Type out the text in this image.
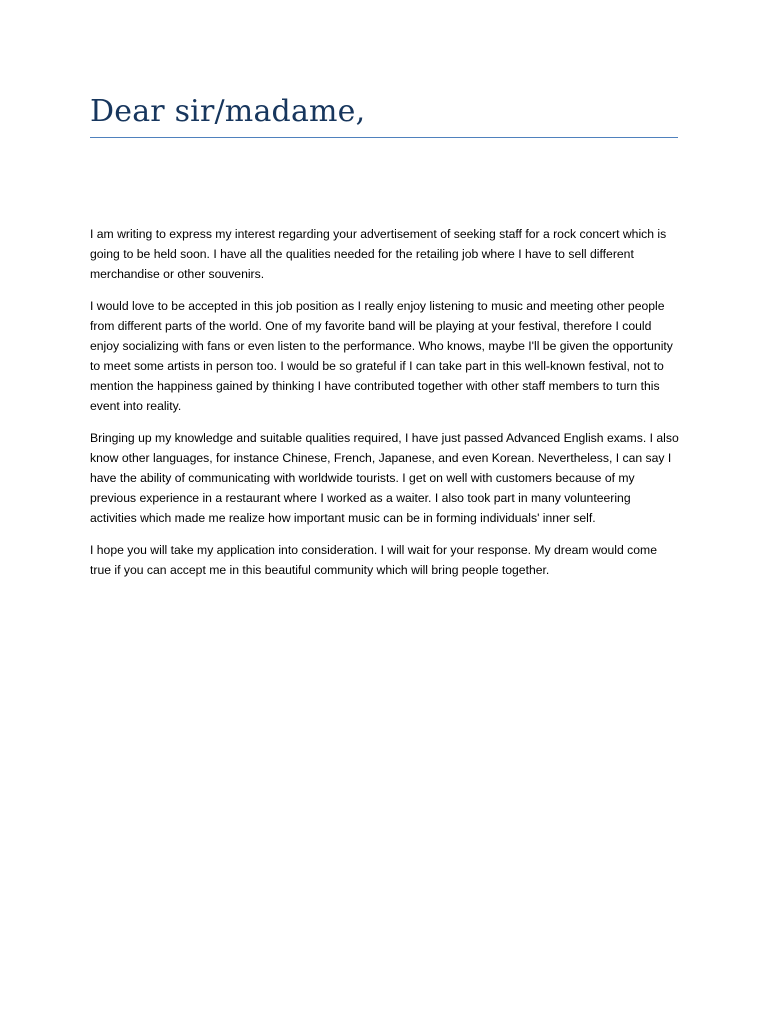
Dear sir/madame,

I am writing to express my interest regarding your advertisement of seeking staff for a rock concert which is going to be held soon. I have all the qualities needed for the retailing job where I have to sell different merchandise or other souvenirs.

I would love to be accepted in this job position as I really enjoy listening to music and meeting other people from different parts of the world. One of my favorite band will be playing at your festival, therefore I could enjoy socializing with fans or even listen to the performance. Who knows, maybe I'll be given the opportunity to meet some artists in person too. I would be so grateful if I can take part in this well-known festival, not to mention the happiness gained by thinking I have contributed together with other staff members to turn this event into reality.

Bringing up my knowledge and suitable qualities required, I have just passed Advanced English exams. I also know other languages, for instance Chinese, French, Japanese, and even Korean. Nevertheless, I can say I have the ability of communicating with worldwide tourists. I get on well with customers because of my previous experience in a restaurant where I worked as a waiter. I also took part in many volunteering activities which made me realize how important music can be in forming individuals' inner self.

I hope you will take my application into consideration. I will wait for your response. My dream would come true if you can accept me in this beautiful community which will bring people together.
